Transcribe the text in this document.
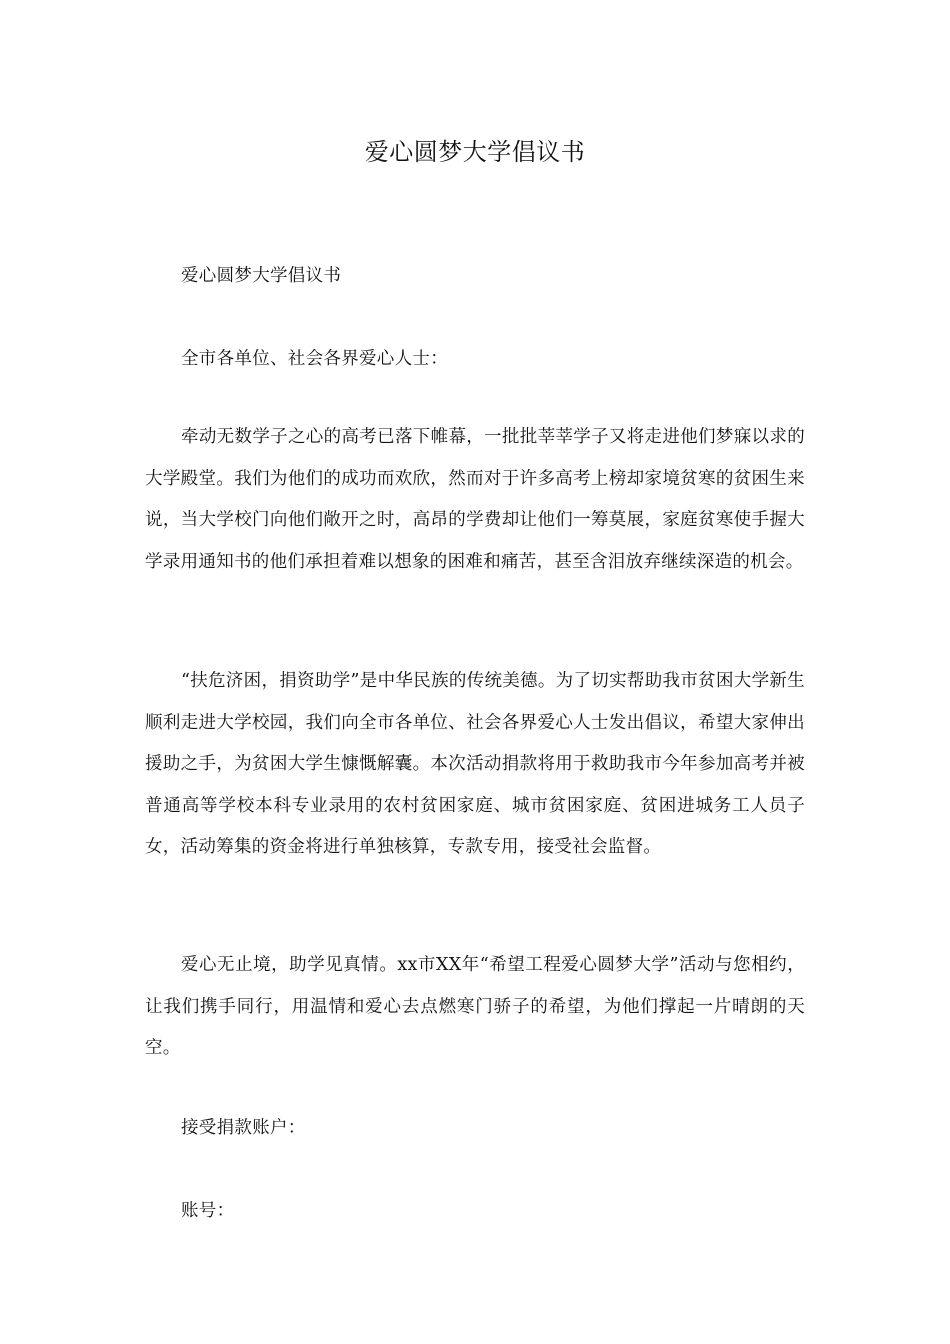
爱心圆梦大学倡议书

爱心圆梦大学倡议书

全市各单位、社会各界爱心人士：

牵动无数学子之心的高考已落下帷幕，一批批莘莘学子又将走进他们梦寐以求的大学殿堂。我们为他们的成功而欢欣，然而对于许多高考上榜却家境贫寒的贫困生来说，当大学校门向他们敞开之时，高昂的学费却让他们一筹莫展，家庭贫寒使手握大学录用通知书的他们承担着难以想象的困难和痛苦，甚至含泪放弃继续深造的机会。

“扶危济困，捐资助学”是中华民族的传统美德。为了切实帮助我市贫困大学新生顺利走进大学校园，我们向全市各单位、社会各界爱心人士发出倡议，希望大家伸出援助之手，为贫困大学生慷慨解囊。本次活动捐款将用于救助我市今年参加高考并被普通高等学校本科专业录用的农村贫困家庭、城市贫困家庭、贫困进城务工人员子女，活动筹集的资金将进行单独核算，专款专用，接受社会监督。

爱心无止境，助学见真情。xx市XX年“希望工程爱心圆梦大学”活动与您相约，让我们携手同行，用温情和爱心去点燃寒门骄子的希望，为他们撑起一片晴朗的天空。

接受捐款账户：

账号：
